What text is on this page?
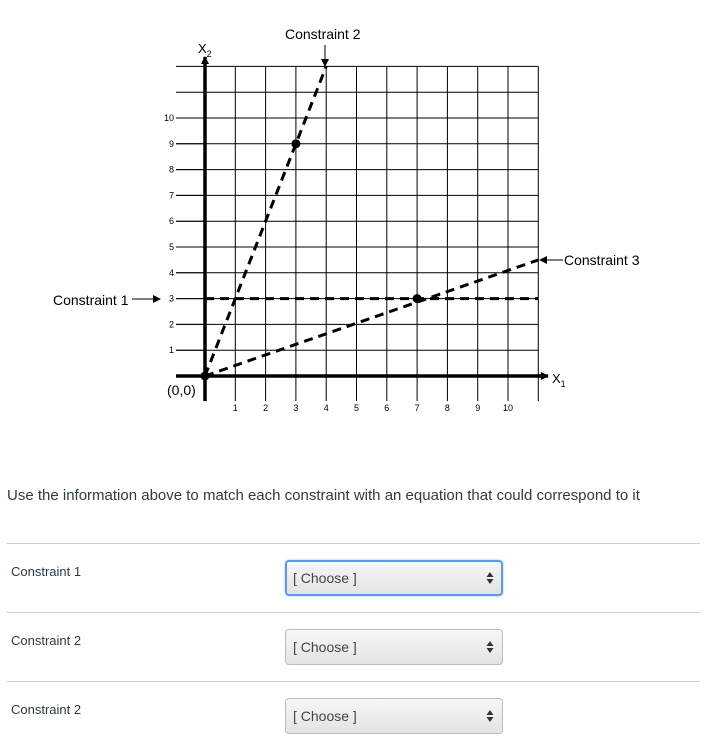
1	2	3	4	5	6	7	8	9	10
1
2
3
4
5
6
7
8
9
10
$X_1$
$X_2$
(0,0)
Constraint 1
Constraint 2
Constraint 3

Use the information above to match each constraint with an equation that could correspond to it

Constraint 1	[ Choose ]
Constraint 2	[ Choose ]
Constraint 2	[ Choose ]
